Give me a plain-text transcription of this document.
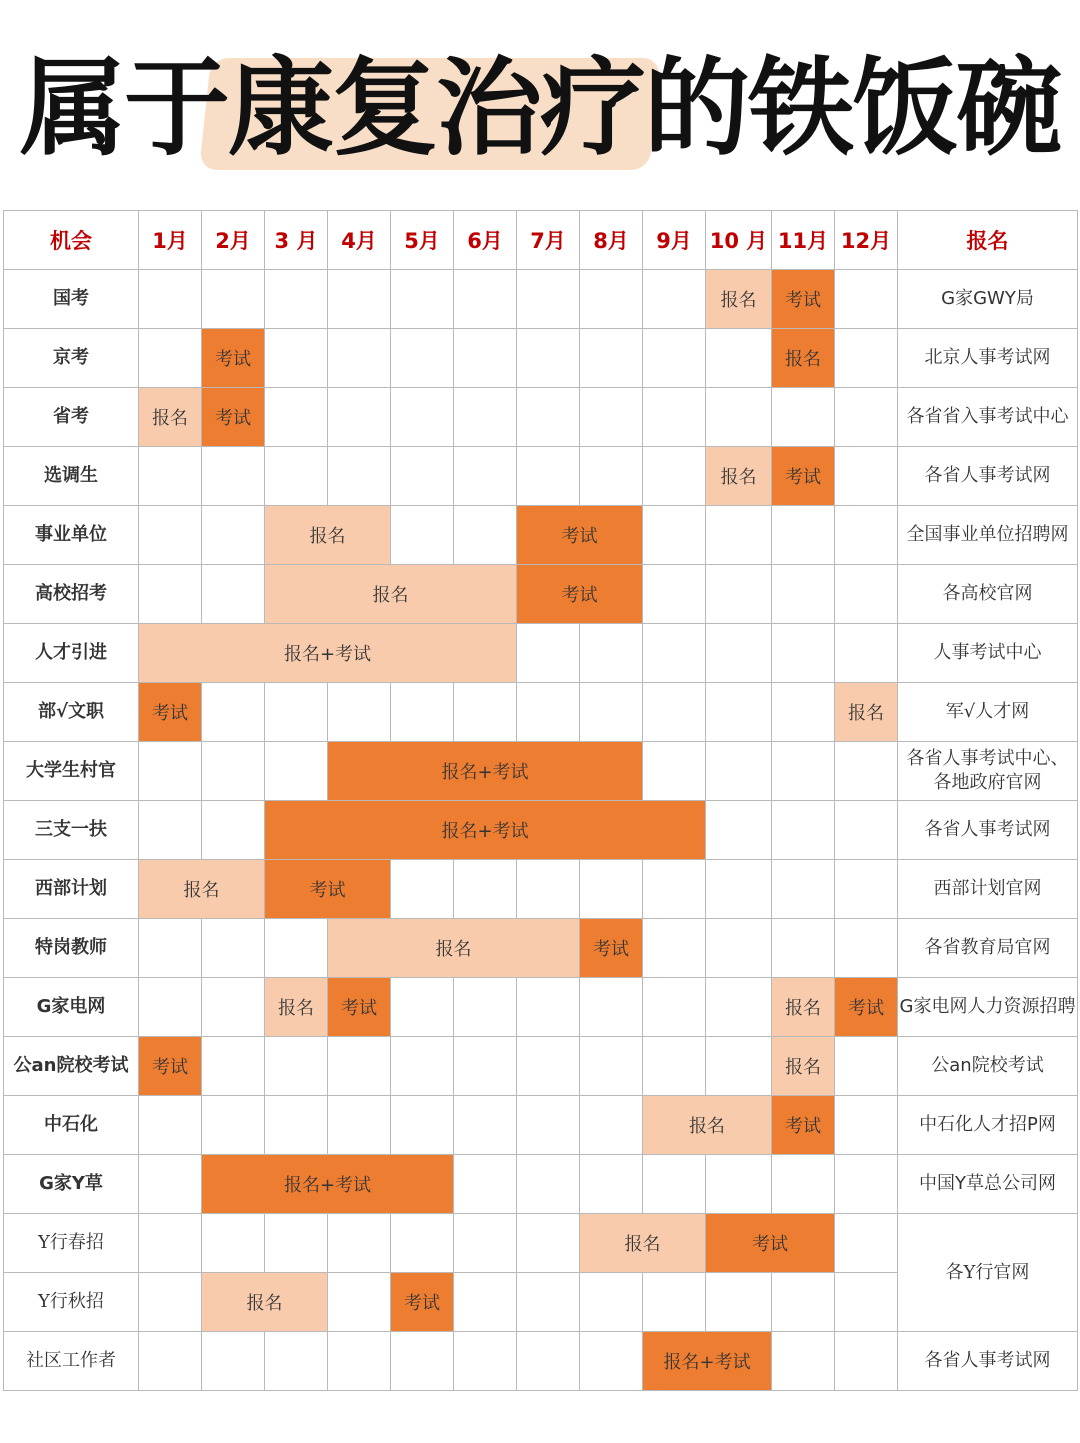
属于康复治疗的铁饭碗
机会	1月	2月	3 月	4月	5月	6月	7月	8月	9月	10 月	11月	12月	报名
国考										报名	考试		G家GWY局
京考		考试									报名		北京人事考试网
省考	报名	考试											各省省入事考试中心
选调生										报名	考试		各省人事考试网
事业单位			报名				考试						全国事业单位招聘网
高校招考			报名				考试						各高校官网
人才引进	报名+考试												人事考试中心
部√文职	考试											报名	军√人才网
大学生村官				报名+考试									各省人事考试中心、各地政府官网
三支一扶			报名+考试										各省人事考试网
西部计划	报名		考试										西部计划官网
特岗教师				报名				考试					各省教育局官网
G家电网			报名	考试							报名	考试	G家电网人力资源招聘
公an院校考试	考试										报名		公an院校考试
中石化									报名		考试		中石化人才招P网
G家Y草		报名+考试											中国Y草总公司网
Y行春招								报名		考试			各Y行官网
Y行秋招		报名			考试								
社区工作者									报名+考试				各省人事考试网
